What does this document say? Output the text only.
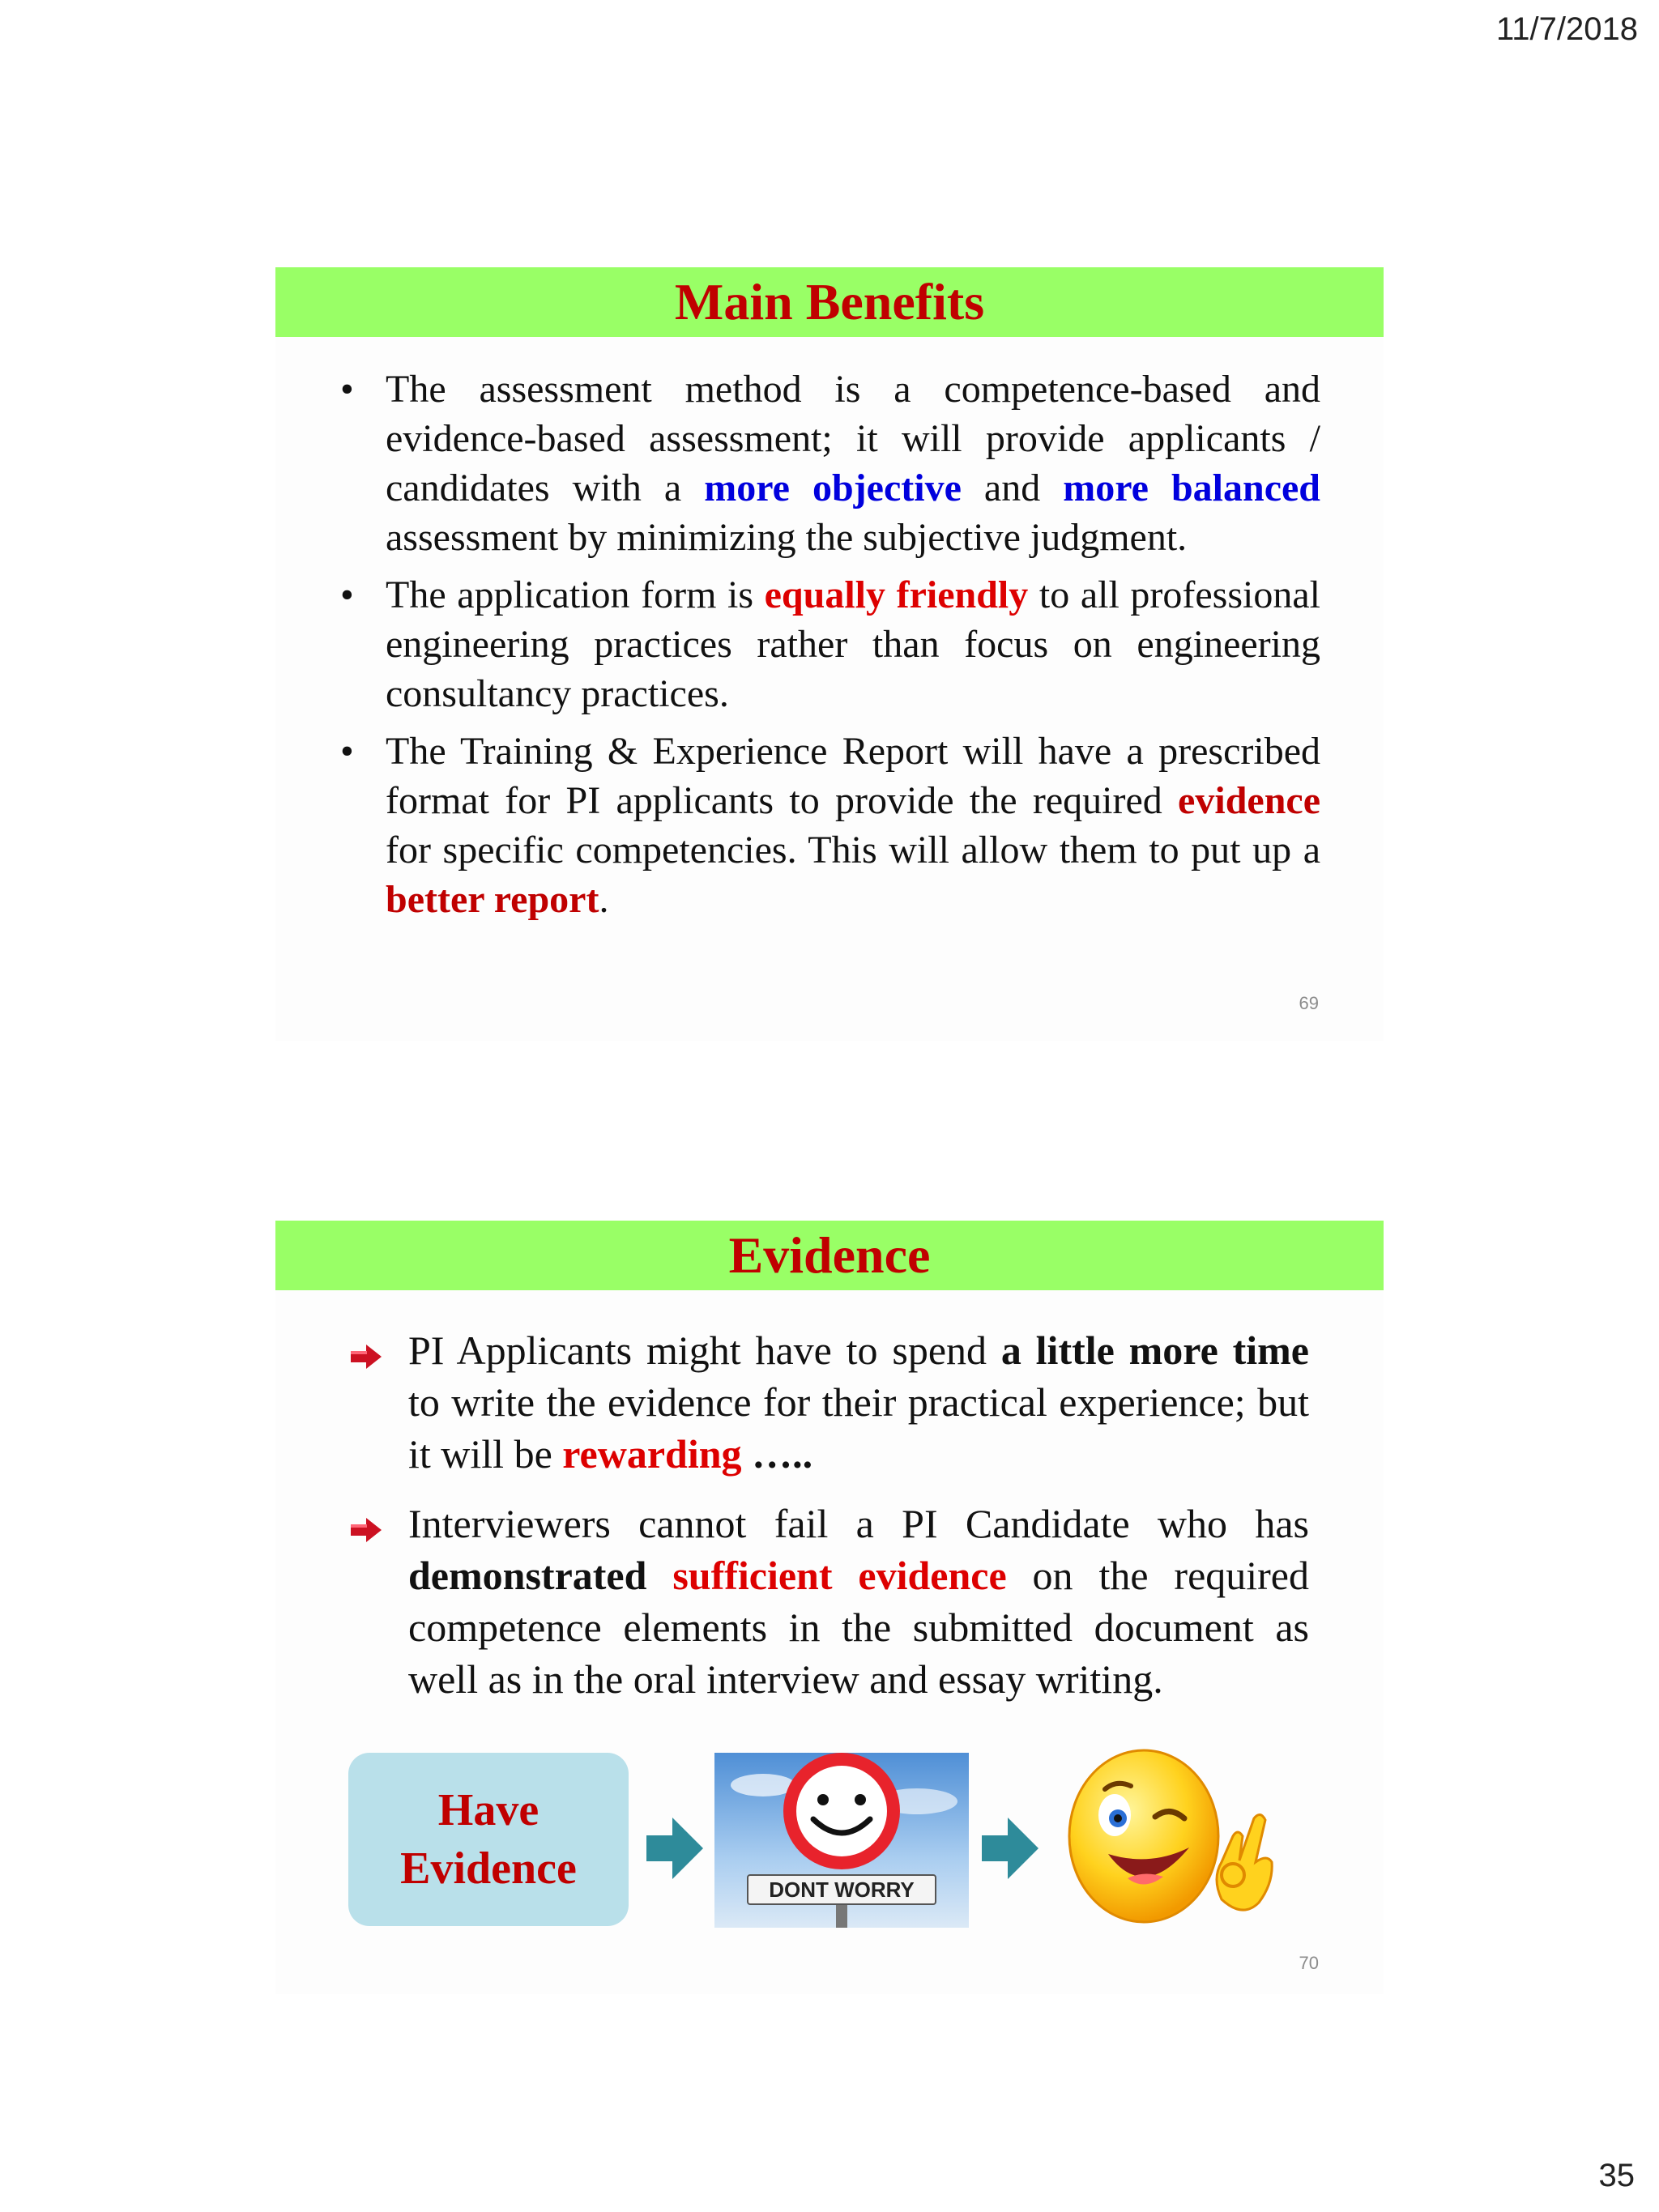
11/7/2018
Main Benefits
• The assessment method is a competence-based and evidence-based assessment; it will provide applicants / candidates with a more objective and more balanced assessment by minimizing the subjective judgment.

• The application form is equally friendly to all professional engineering practices rather than focus on engineering consultancy practices.

• The Training & Experience Report will have a prescribed format for PI applicants to provide the required evidence for specific competencies. This will allow them to put up a better report.

69
Evidence

PI Applicants might have to spend a little more time to write the evidence for their practical experience; but it will be rewarding …..

Interviewers cannot fail a PI Candidate who has demonstrated sufficient evidence on the required competence elements in the submitted document as well as in the oral interview and essay writing.

Have
Evidence	DONT WORRY
70
35
